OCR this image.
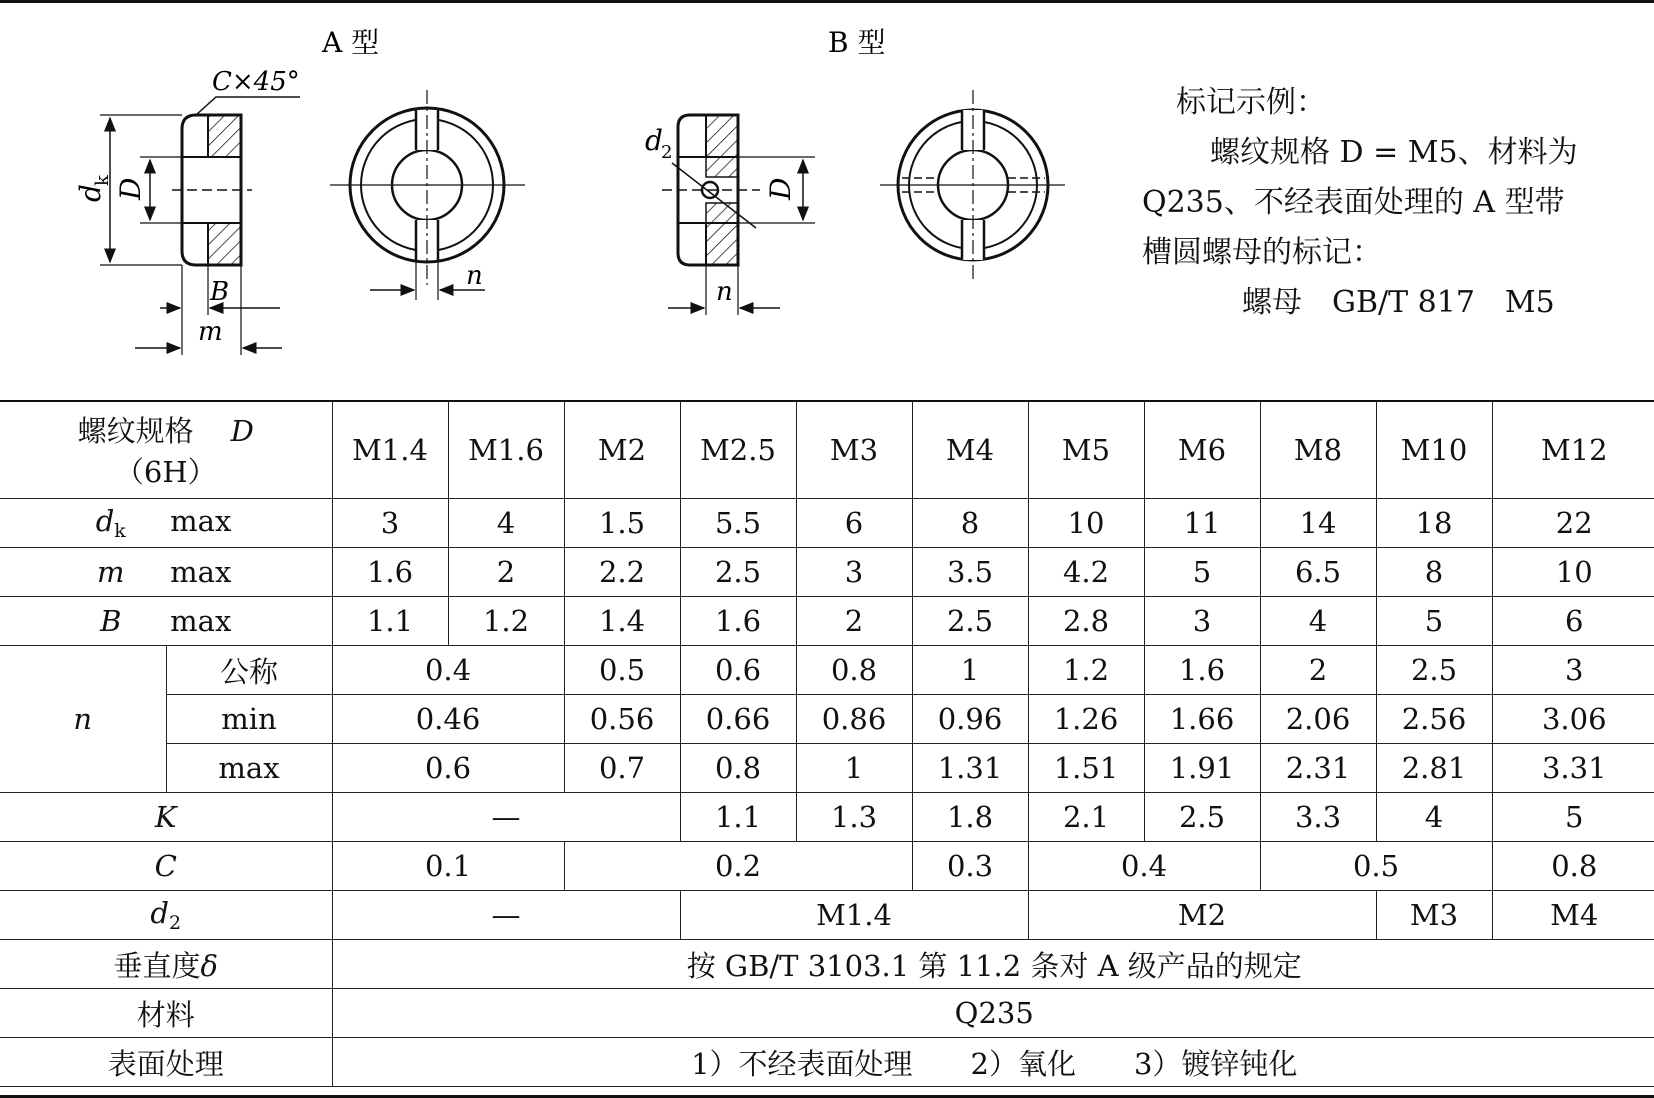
A 型	B 型
C×45°
d
k D
B
m
n
d
2
D
n
标记示例：
螺纹规格 D = M5、材料为
Q235、不经表面处理的 A 型带
槽圆螺母的标记：
螺母　GB/T 817　M5
螺纹规格 D
（6H）		M1.4	M1.6	M2	M2.5	M3	M4	M5	M6	M8	M10	M12
$d_k$ max		3	4	1.5	5.5	6	8	10	11	14	18	22
m max		1.6	2	2.2	2.5	3	3.5	4.2	5	6.5	8	10
B max		1.1	1.2	1.4	1.6	2	2.5	2.8	3	4	5	6
n	公称	0.4		0.5	0.6	0.8	1	1.2	1.6	2	2.5	3
	min	0.46		0.56	0.66	0.86	0.96	1.26	1.66	2.06	2.56	3.06
	max	0.6		0.7	0.8	1	1.31	1.51	1.91	2.31	2.81	3.31
K		—			1.1	1.3	1.8	2.1	2.5	3.3	4	5
C		0.1		0.2			0.3	0.4		0.5		0.8
$d_2$		—			M1.4			M2			M3	M4
垂直度δ		按 GB/T 3103.1 第 11.2 条对 A 级产品的规定										
材料		Q235										
表面处理		1）不经表面处理　　2）氧化　　3）镀锌钝化										
